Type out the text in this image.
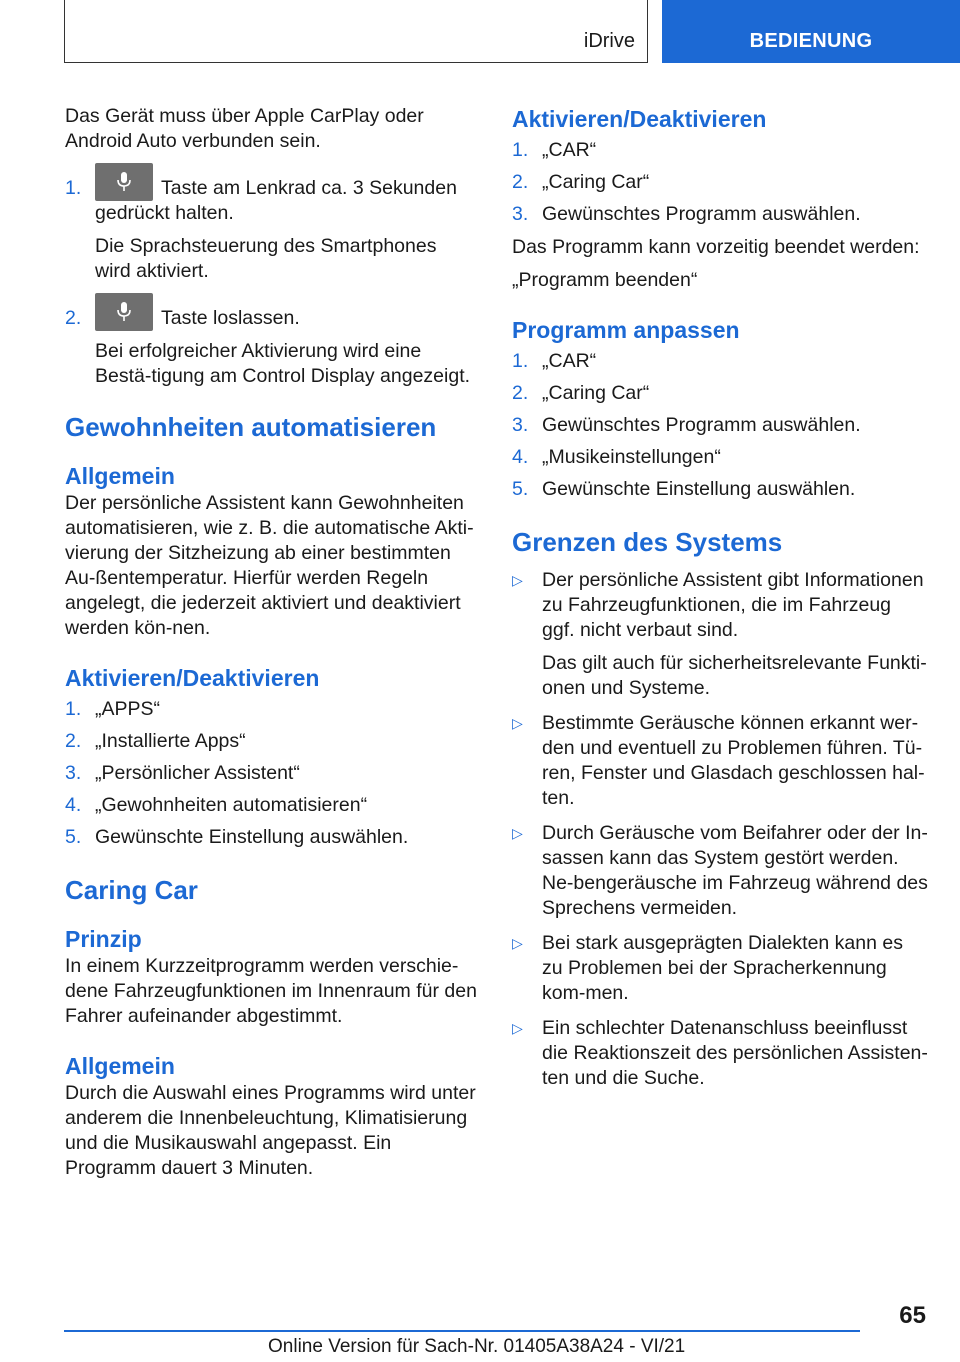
iDrive	BEDIENUNG

Das Gerät muss über Apple CarPlay oder Android Auto verbunden sein.

1.	Taste am Lenkrad ca. 3 Sekunden gedrückt halten.

Die Sprachsteuerung des Smartphones wird aktiviert.

2.	Taste loslassen.

Bei erfolgreicher Aktivierung wird eine Bestä‐tigung am Control Display angezeigt.

Gewohnheiten automatisieren
Allgemein

Der persönliche Assistent kann Gewohnheiten automatisieren, wie z. B. die automatische Akti‐vierung der Sitzheizung ab einer bestimmten Au‐ßentemperatur. Hierfür werden Regeln angelegt, die jederzeit aktiviert und deaktiviert werden kön‐nen.

Aktivieren/Deaktivieren
1. „APPS“
2. „Installierte Apps“
3. „Persönlicher Assistent“
4. „Gewohnheiten automatisieren“
5. Gewünschte Einstellung auswählen.
Caring Car
Prinzip

In einem Kurzzeitprogramm werden verschie‐dene Fahrzeugfunktionen im Innenraum für den Fahrer aufeinander abgestimmt.

Allgemein

Durch die Auswahl eines Programms wird unter anderem die Innenbeleuchtung, Klimatisierung und die Musikauswahl angepasst. Ein Programm dauert 3 Minuten.

Aktivieren/Deaktivieren
1. „CAR“
2. „Caring Car“
3. Gewünschtes Programm auswählen.

Das Programm kann vorzeitig beendet werden:

„Programm beenden“

Programm anpassen
1. „CAR“
2. „Caring Car“
3. Gewünschtes Programm auswählen.
4. „Musikeinstellungen“
5. Gewünschte Einstellung auswählen.
Grenzen des Systems
▷ Der persönliche Assistent gibt Informationen zu Fahrzeugfunktionen, die im Fahrzeug ggf. nicht verbaut sind.

Das gilt auch für sicherheitsrelevante Funkti‐onen und Systeme.

▷ Bestimmte Geräusche können erkannt wer‐den und eventuell zu Problemen führen. Tü‐ren, Fenster und Glasdach geschlossen hal‐ten.
▷ Durch Geräusche vom Beifahrer oder der In‐sassen kann das System gestört werden. Ne‐bengeräusche im Fahrzeug während des Sprechens vermeiden.
▷ Bei stark ausgeprägten Dialekten kann es zu Problemen bei der Spracherkennung kom‐men.
▷ Ein schlechter Datenanschluss beeinflusst die Reaktionszeit des persönlichen Assisten‐ten und die Suche.
65
Online Version für Sach-Nr. 01405A38A24 - VI/21
